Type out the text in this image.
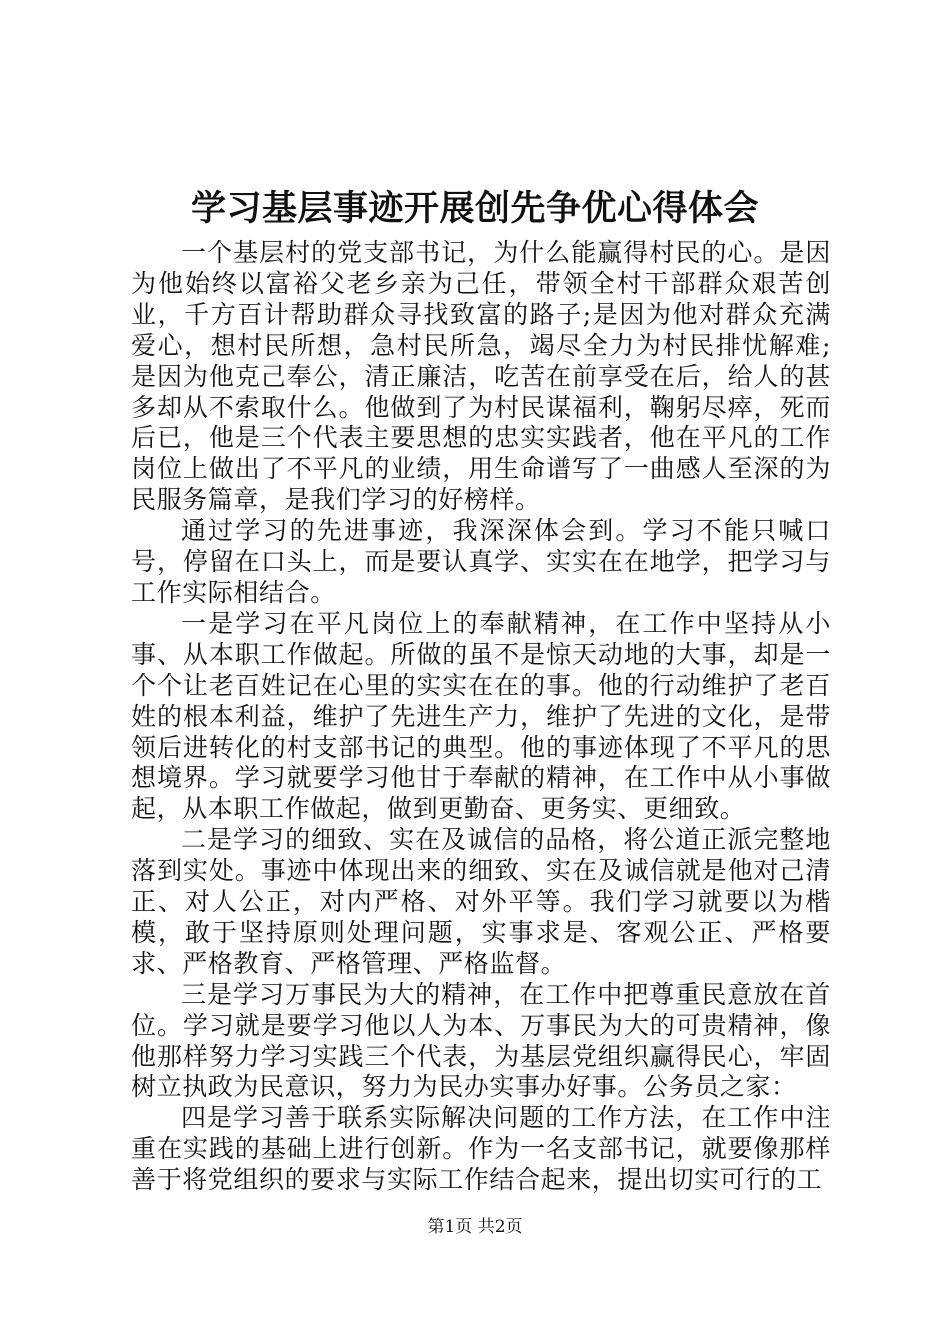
学习基层事迹开展创先争优心得体会

一个基层村的党支部书记，为什么能赢得村民的心。是因为他始终以富裕父老乡亲为己任，带领全村干部群众艰苦创业，千方百计帮助群众寻找致富的路子;是因为他对群众充满爱心，想村民所想，急村民所急，竭尽全力为村民排忧解难;是因为他克己奉公，清正廉洁，吃苦在前享受在后，给人的甚多却从不索取什么。他做到了为村民谋福利，鞠躬尽瘁，死而后已，他是三个代表主要思想的忠实实践者，他在平凡的工作岗位上做出了不平凡的业绩，用生命谱写了一曲感人至深的为民服务篇章，是我们学习的好榜样。

通过学习的先进事迹，我深深体会到。学习不能只喊口号，停留在口头上，而是要认真学、实实在在地学，把学习与工作实际相结合。

一是学习在平凡岗位上的奉献精神，在工作中坚持从小事、从本职工作做起。所做的虽不是惊天动地的大事，却是一个个让老百姓记在心里的实实在在的事。他的行动维护了老百姓的根本利益，维护了先进生产力，维护了先进的文化，是带领后进转化的村支部书记的典型。他的事迹体现了不平凡的思想境界。学习就要学习他甘于奉献的精神，在工作中从小事做起，从本职工作做起，做到更勤奋、更务实、更细致。

二是学习的细致、实在及诚信的品格，将公道正派完整地落到实处。事迹中体现出来的细致、实在及诚信就是他对己清正、对人公正，对内严格、对外平等。我们学习就要以为楷模，敢于坚持原则处理问题，实事求是、客观公正、严格要求、严格教育、严格管理、严格监督。

三是学习万事民为大的精神，在工作中把尊重民意放在首位。学习就是要学习他以人为本、万事民为大的可贵精神，像他那样努力学习实践三个代表，为基层党组织赢得民心，牢固树立执政为民意识，努力为民办实事办好事。公务员之家：

四是学习善于联系实际解决问题的工作方法，在工作中注重在实践的基础上进行创新。作为一名支部书记，就要像那样善于将党组织的要求与实际工作结合起来，提出切实可行的工

第1页 共2页
